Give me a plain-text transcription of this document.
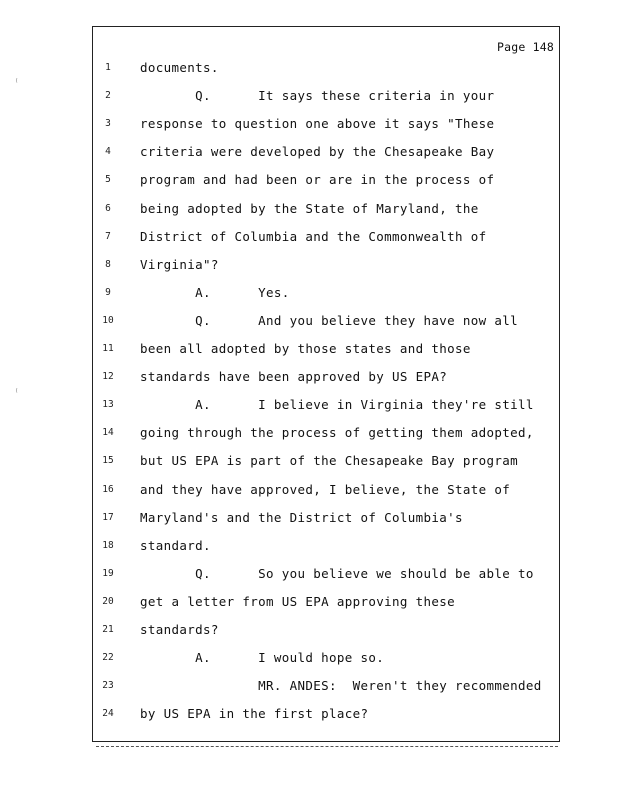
Page 148
1	documents.
2	Q.      It says these criteria in your
3	response to question one above it says "These
4	criteria were developed by the Chesapeake Bay
5	program and had been or are in the process of
6	being adopted by the State of Maryland, the
7	District of Columbia and the Commonwealth of
8	Virginia"?
9	A.      Yes.
10	Q.      And you believe they have now all
11	been all adopted by those states and those
12	standards have been approved by US EPA?
13	A.      I believe in Virginia they're still
14	going through the process of getting them adopted,
15	but US EPA is part of the Chesapeake Bay program
16	and they have approved, I believe, the State of
17	Maryland's and the District of Columbia's
18	standard.
19	Q.      So you believe we should be able to
20	get a letter from US EPA approving these
21	standards?
22	A.      I would hope so.
23	MR. ANDES:  Weren't they recommended
24	by US EPA in the first place?
⁽
⁽
